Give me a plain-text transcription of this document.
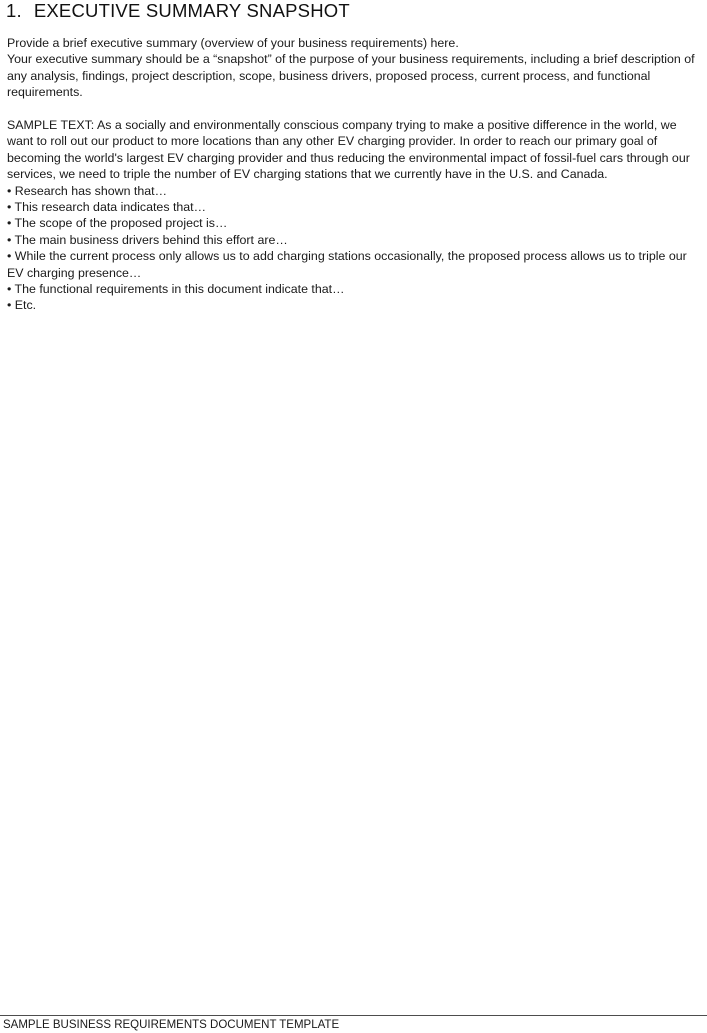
1. EXECUTIVE SUMMARY SNAPSHOT

Provide a brief executive summary (overview of your business requirements) here.

Your executive summary should be a “snapshot” of the purpose of your business requirements, including a brief description of any analysis, findings, project description, scope, business drivers, proposed process, current process, and functional requirements.

SAMPLE TEXT: As a socially and environmentally conscious company trying to make a positive difference in the world, we want to roll out our product to more locations than any other EV charging provider. In order to reach our primary goal of becoming the world's largest EV charging provider and thus reducing the environmental impact of fossil-fuel cars through our services, we need to triple the number of EV charging stations that we currently have in the U.S. and Canada.

• Research has shown that…
• This research data indicates that…
• The scope of the proposed project is…
• The main business drivers behind this effort are…
• While the current process only allows us to add charging stations occasionally, the proposed process allows us to triple our EV charging presence…
• The functional requirements in this document indicate that…
• Etc.
SAMPLE BUSINESS REQUIREMENTS DOCUMENT TEMPLATE
